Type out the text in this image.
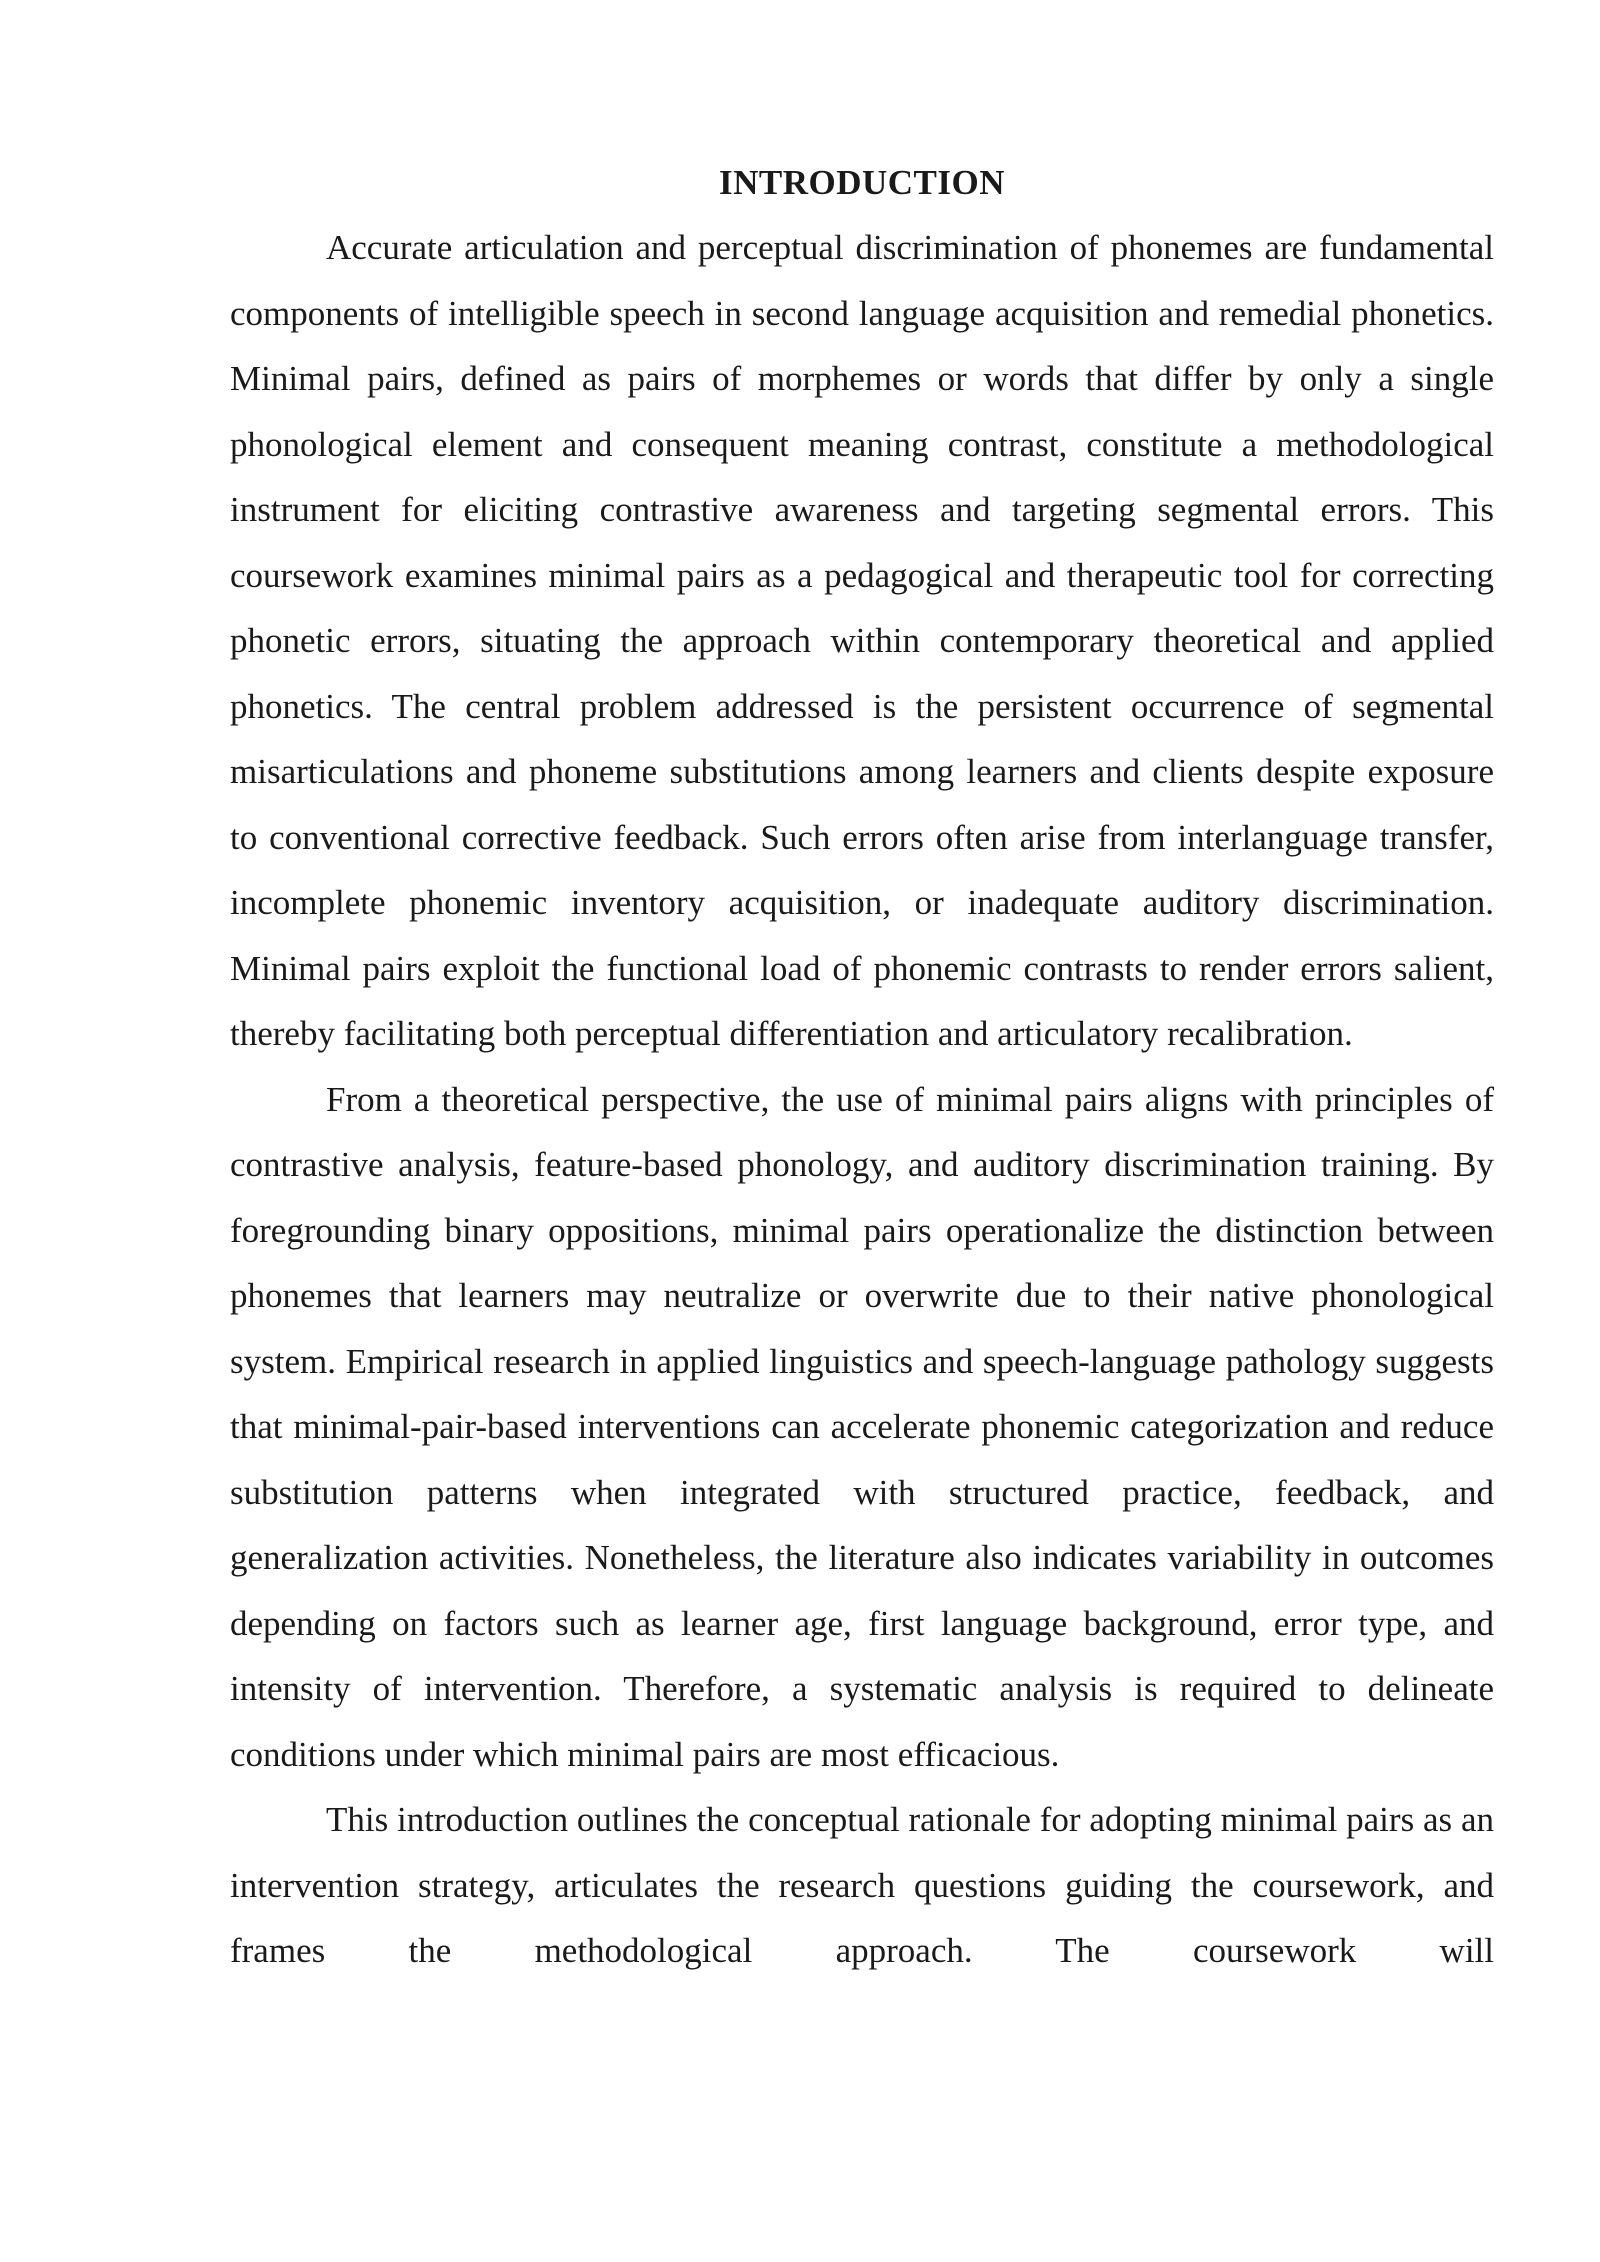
INTRODUCTION

Accurate articulation and perceptual discrimination of phonemes are fundamental components of intelligible speech in second language acquisition and remedial phonetics. Minimal pairs, defined as pairs of morphemes or words that differ by only a single phonological element and consequent meaning contrast, constitute a methodological instrument for eliciting contrastive awareness and targeting segmental errors. This coursework examines minimal pairs as a pedagogical and therapeutic tool for correcting phonetic errors, situating the approach within contemporary theoretical and applied phonetics. The central problem addressed is the persistent occurrence of segmental misarticulations and phoneme substitutions among learners and clients despite exposure to conventional corrective feedback. Such errors often arise from interlanguage transfer, incomplete phonemic inventory acquisition, or inadequate auditory discrimination. Minimal pairs exploit the functional load of phonemic contrasts to render errors salient, thereby facilitating both perceptual differentiation and articulatory recalibration.

From a theoretical perspective, the use of minimal pairs aligns with principles of contrastive analysis, feature-based phonology, and auditory discrimination training. By foregrounding binary oppositions, minimal pairs operationalize the distinction between phonemes that learners may neutralize or overwrite due to their native phonological system. Empirical research in applied linguistics and speech-language pathology suggests that minimal-pair-based interventions can accelerate phonemic categorization and reduce substitution patterns when integrated with structured practice, feedback, and generalization activities. Nonetheless, the literature also indicates variability in outcomes depending on factors such as learner age, first language background, error type, and intensity of intervention. Therefore, a systematic analysis is required to delineate conditions under which minimal pairs are most efficacious.

This introduction outlines the conceptual rationale for adopting minimal pairs as an intervention strategy, articulates the research questions guiding the coursework, and frames the methodological approach. The coursework will
